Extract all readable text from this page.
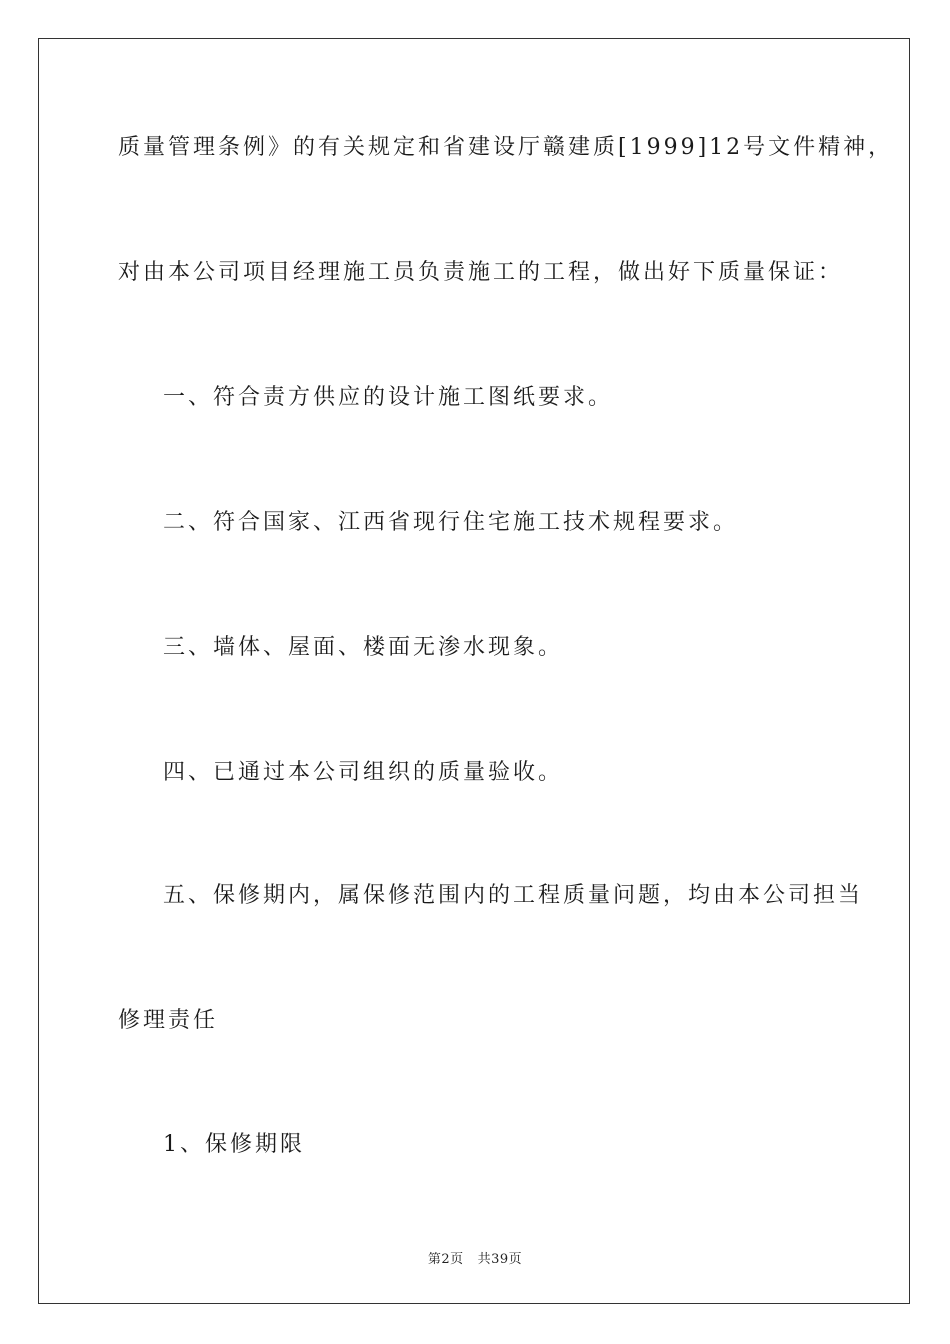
质量管理条例》的有关规定和省建设厅赣建质[1999]12号文件精神，
对由本公司项目经理施工员负责施工的工程，做出好下质量保证：
一、符合责方供应的设计施工图纸要求。
二、符合国家、江西省现行住宅施工技术规程要求。
三、墙体、屋面、楼面无渗水现象。
四、已通过本公司组织的质量验收。
五、保修期内，属保修范围内的工程质量问题，均由本公司担当
修理责任
1、保修期限
第2页 共39页
